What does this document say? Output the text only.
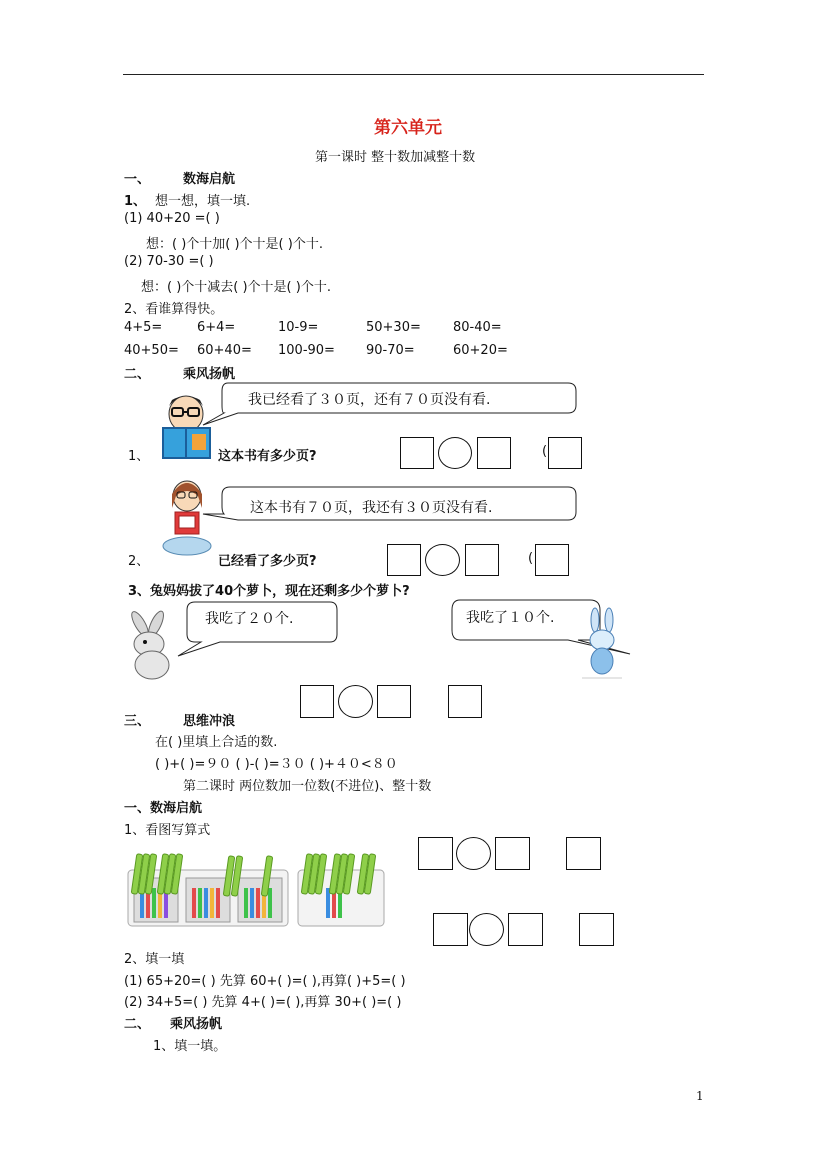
第六单元
第一课时 整十数加减整十数
一、	数海启航
1、 想一想，填一填.
(1) 40+20 =( )
想：( )个十加( )个十是( )个十.
(2) 70-30 =( )
想：( )个十减去( )个十是( )个十.
2、看谁算得快。
4+5=	6+4=	10-9=	50+30= 80-40=
40+50= 60+40= 100-90= 90-70=	60+20=
二、	乘风扬帆
我已经看了３０页，还有７０页没有看.
1、	这本书有多少页?	(
这本书有７０页，我还有３０页没有看.
2、	已经看了多少页?	(
3、兔妈妈拔了40个萝卜，现在还剩多少个萝卜?
我吃了２０个.	我吃了１０个.
三、	思维冲浪
在( )里填上合适的数.
( )+( )=９０ ( )-( )=３０ ( )+４０<８０
第二课时 两位数加一位数(不进位)、整十数
一、数海启航
1、看图写算式
2、填一填
(1) 65+20=( ) 先算 60+( )=( ),再算( )+5=( )
(2) 34+5=( ) 先算 4+( )=( ),再算 30+( )=( )
二、 乘风扬帆
1、填一填。
1
